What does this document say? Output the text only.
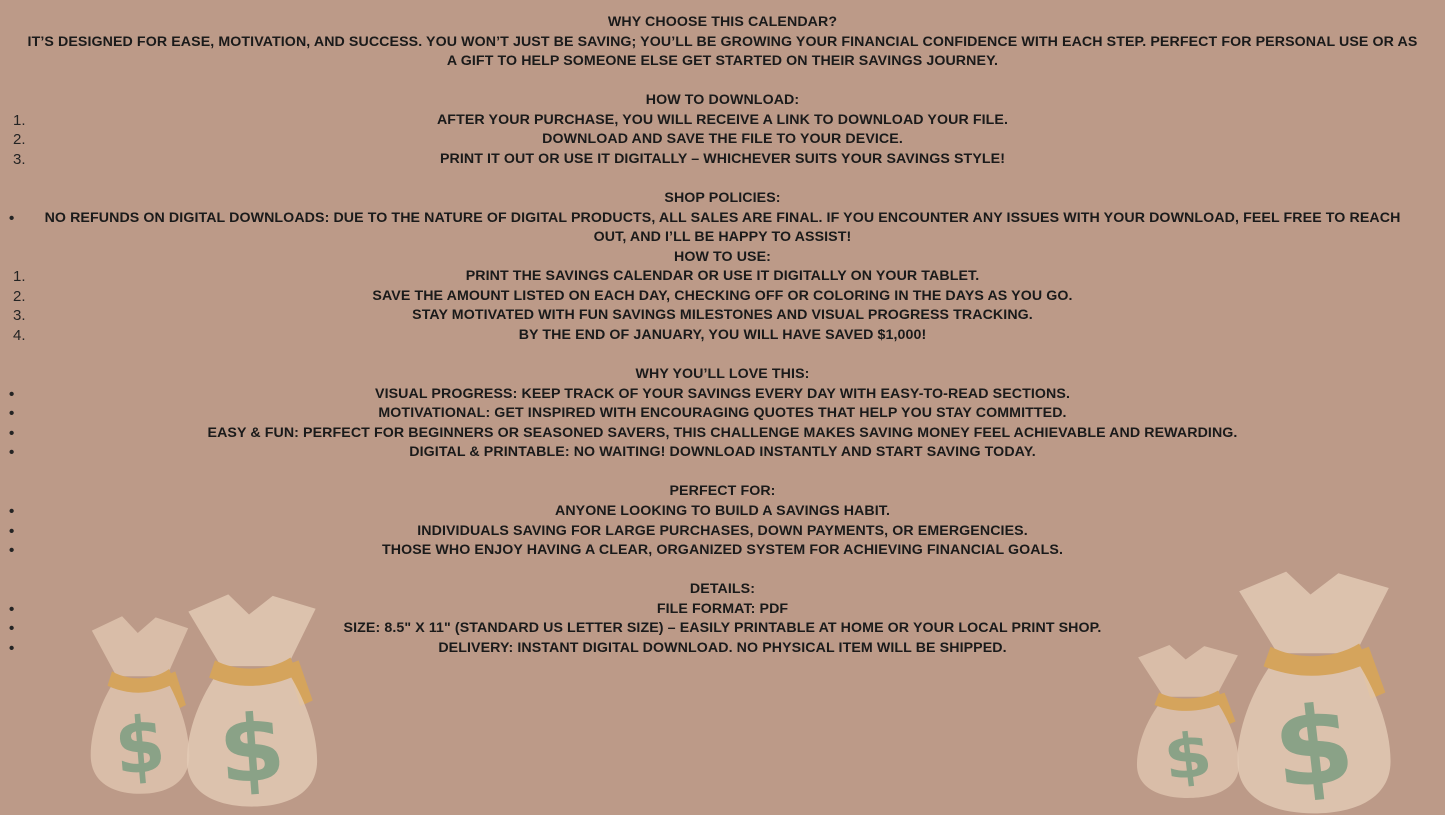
$ $	$ $
WHY CHOOSE THIS CALENDAR?
IT’S DESIGNED FOR EASE, MOTIVATION, AND SUCCESS. YOU WON’T JUST BE SAVING; YOU’LL BE GROWING YOUR FINANCIAL CONFIDENCE WITH EACH STEP. PERFECT FOR PERSONAL USE OR AS A GIFT TO HELP SOMEONE ELSE GET STARTED ON THEIR SAVINGS JOURNEY.
HOW TO DOWNLOAD:
1.	AFTER YOUR PURCHASE, YOU WILL RECEIVE A LINK TO DOWNLOAD YOUR FILE.
2.	DOWNLOAD AND SAVE THE FILE TO YOUR DEVICE.
3.	PRINT IT OUT OR USE IT DIGITALLY – WHICHEVER SUITS YOUR SAVINGS STYLE!
SHOP POLICIES:
• NO REFUNDS ON DIGITAL DOWNLOADS: DUE TO THE NATURE OF DIGITAL PRODUCTS, ALL SALES ARE FINAL. IF YOU ENCOUNTER ANY ISSUES WITH YOUR DOWNLOAD, FEEL FREE TO REACH OUT, AND I’LL BE HAPPY TO ASSIST!
HOW TO USE:
1.	PRINT THE SAVINGS CALENDAR OR USE IT DIGITALLY ON YOUR TABLET.
2.	SAVE THE AMOUNT LISTED ON EACH DAY, CHECKING OFF OR COLORING IN THE DAYS AS YOU GO.
3.	STAY MOTIVATED WITH FUN SAVINGS MILESTONES AND VISUAL PROGRESS TRACKING.
4.	BY THE END OF JANUARY, YOU WILL HAVE SAVED $1,000!
WHY YOU’LL LOVE THIS:
•	VISUAL PROGRESS: KEEP TRACK OF YOUR SAVINGS EVERY DAY WITH EASY-TO-READ SECTIONS.
•	MOTIVATIONAL: GET INSPIRED WITH ENCOURAGING QUOTES THAT HELP YOU STAY COMMITTED.
•	EASY & FUN: PERFECT FOR BEGINNERS OR SEASONED SAVERS, THIS CHALLENGE MAKES SAVING MONEY FEEL ACHIEVABLE AND REWARDING.
•	DIGITAL & PRINTABLE: NO WAITING! DOWNLOAD INSTANTLY AND START SAVING TODAY.
PERFECT FOR:
•	ANYONE LOOKING TO BUILD A SAVINGS HABIT.
•	INDIVIDUALS SAVING FOR LARGE PURCHASES, DOWN PAYMENTS, OR EMERGENCIES.
•	THOSE WHO ENJOY HAVING A CLEAR, ORGANIZED SYSTEM FOR ACHIEVING FINANCIAL GOALS.
DETAILS:
•	FILE FORMAT: PDF
•	SIZE: 8.5" X 11" (STANDARD US LETTER SIZE) – EASILY PRINTABLE AT HOME OR YOUR LOCAL PRINT SHOP.
•	DELIVERY: INSTANT DIGITAL DOWNLOAD. NO PHYSICAL ITEM WILL BE SHIPPED.
